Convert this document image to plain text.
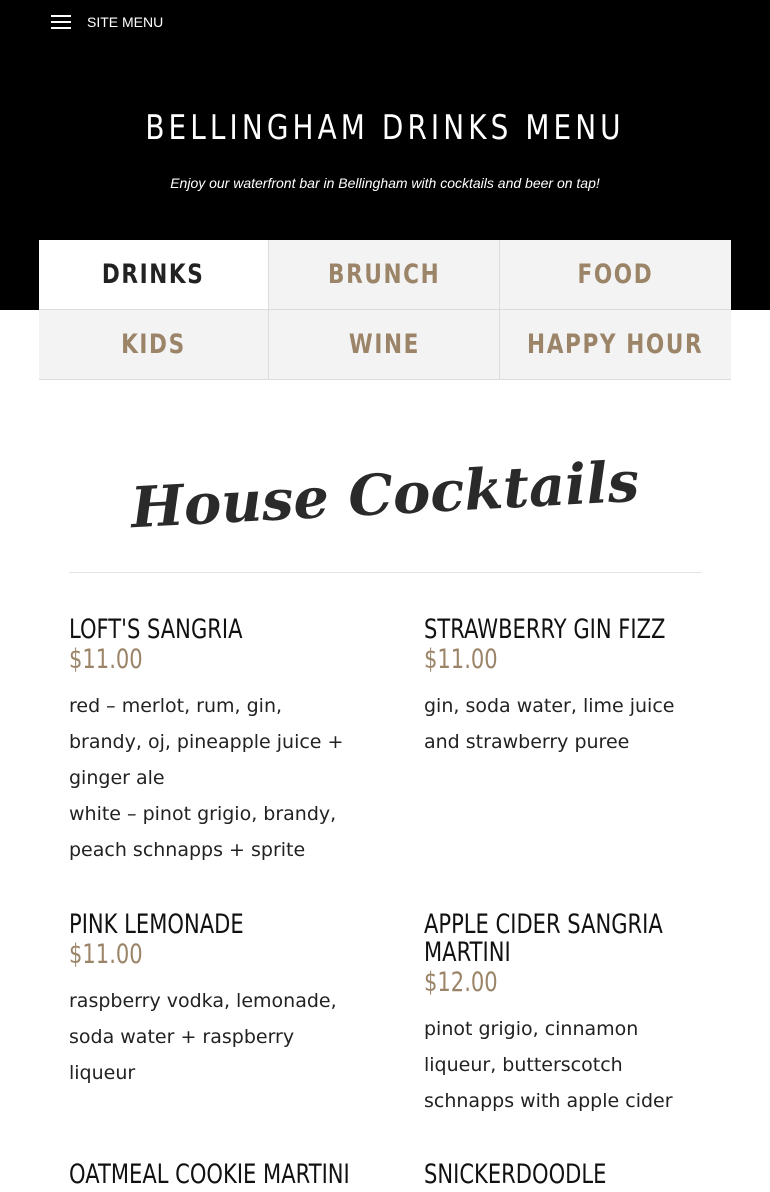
SITE MENU
BELLINGHAM DRINKS MENU

Enjoy our waterfront bar in Bellingham with cocktails and beer on tap!

DRINKS	BRUNCH	FOOD
KIDS	WINE	HAPPY HOUR
House Cocktails
LOFT'S SANGRIA
$11.00
red – merlot, rum, gin, brandy, oj, pineapple juice + ginger ale
white – pinot grigio, brandy, peach schnapps + sprite
STRAWBERRY GIN FIZZ
$11.00
gin, soda water, lime juice and strawberry puree
PINK LEMONADE
$11.00
raspberry vodka, lemonade, soda water + raspberry liqueur
APPLE CIDER SANGRIA MARTINI
$12.00
pinot grigio, cinnamon liqueur, butterscotch schnapps with apple cider
OATMEAL COOKIE MARTINI	SNICKERDOODLE
